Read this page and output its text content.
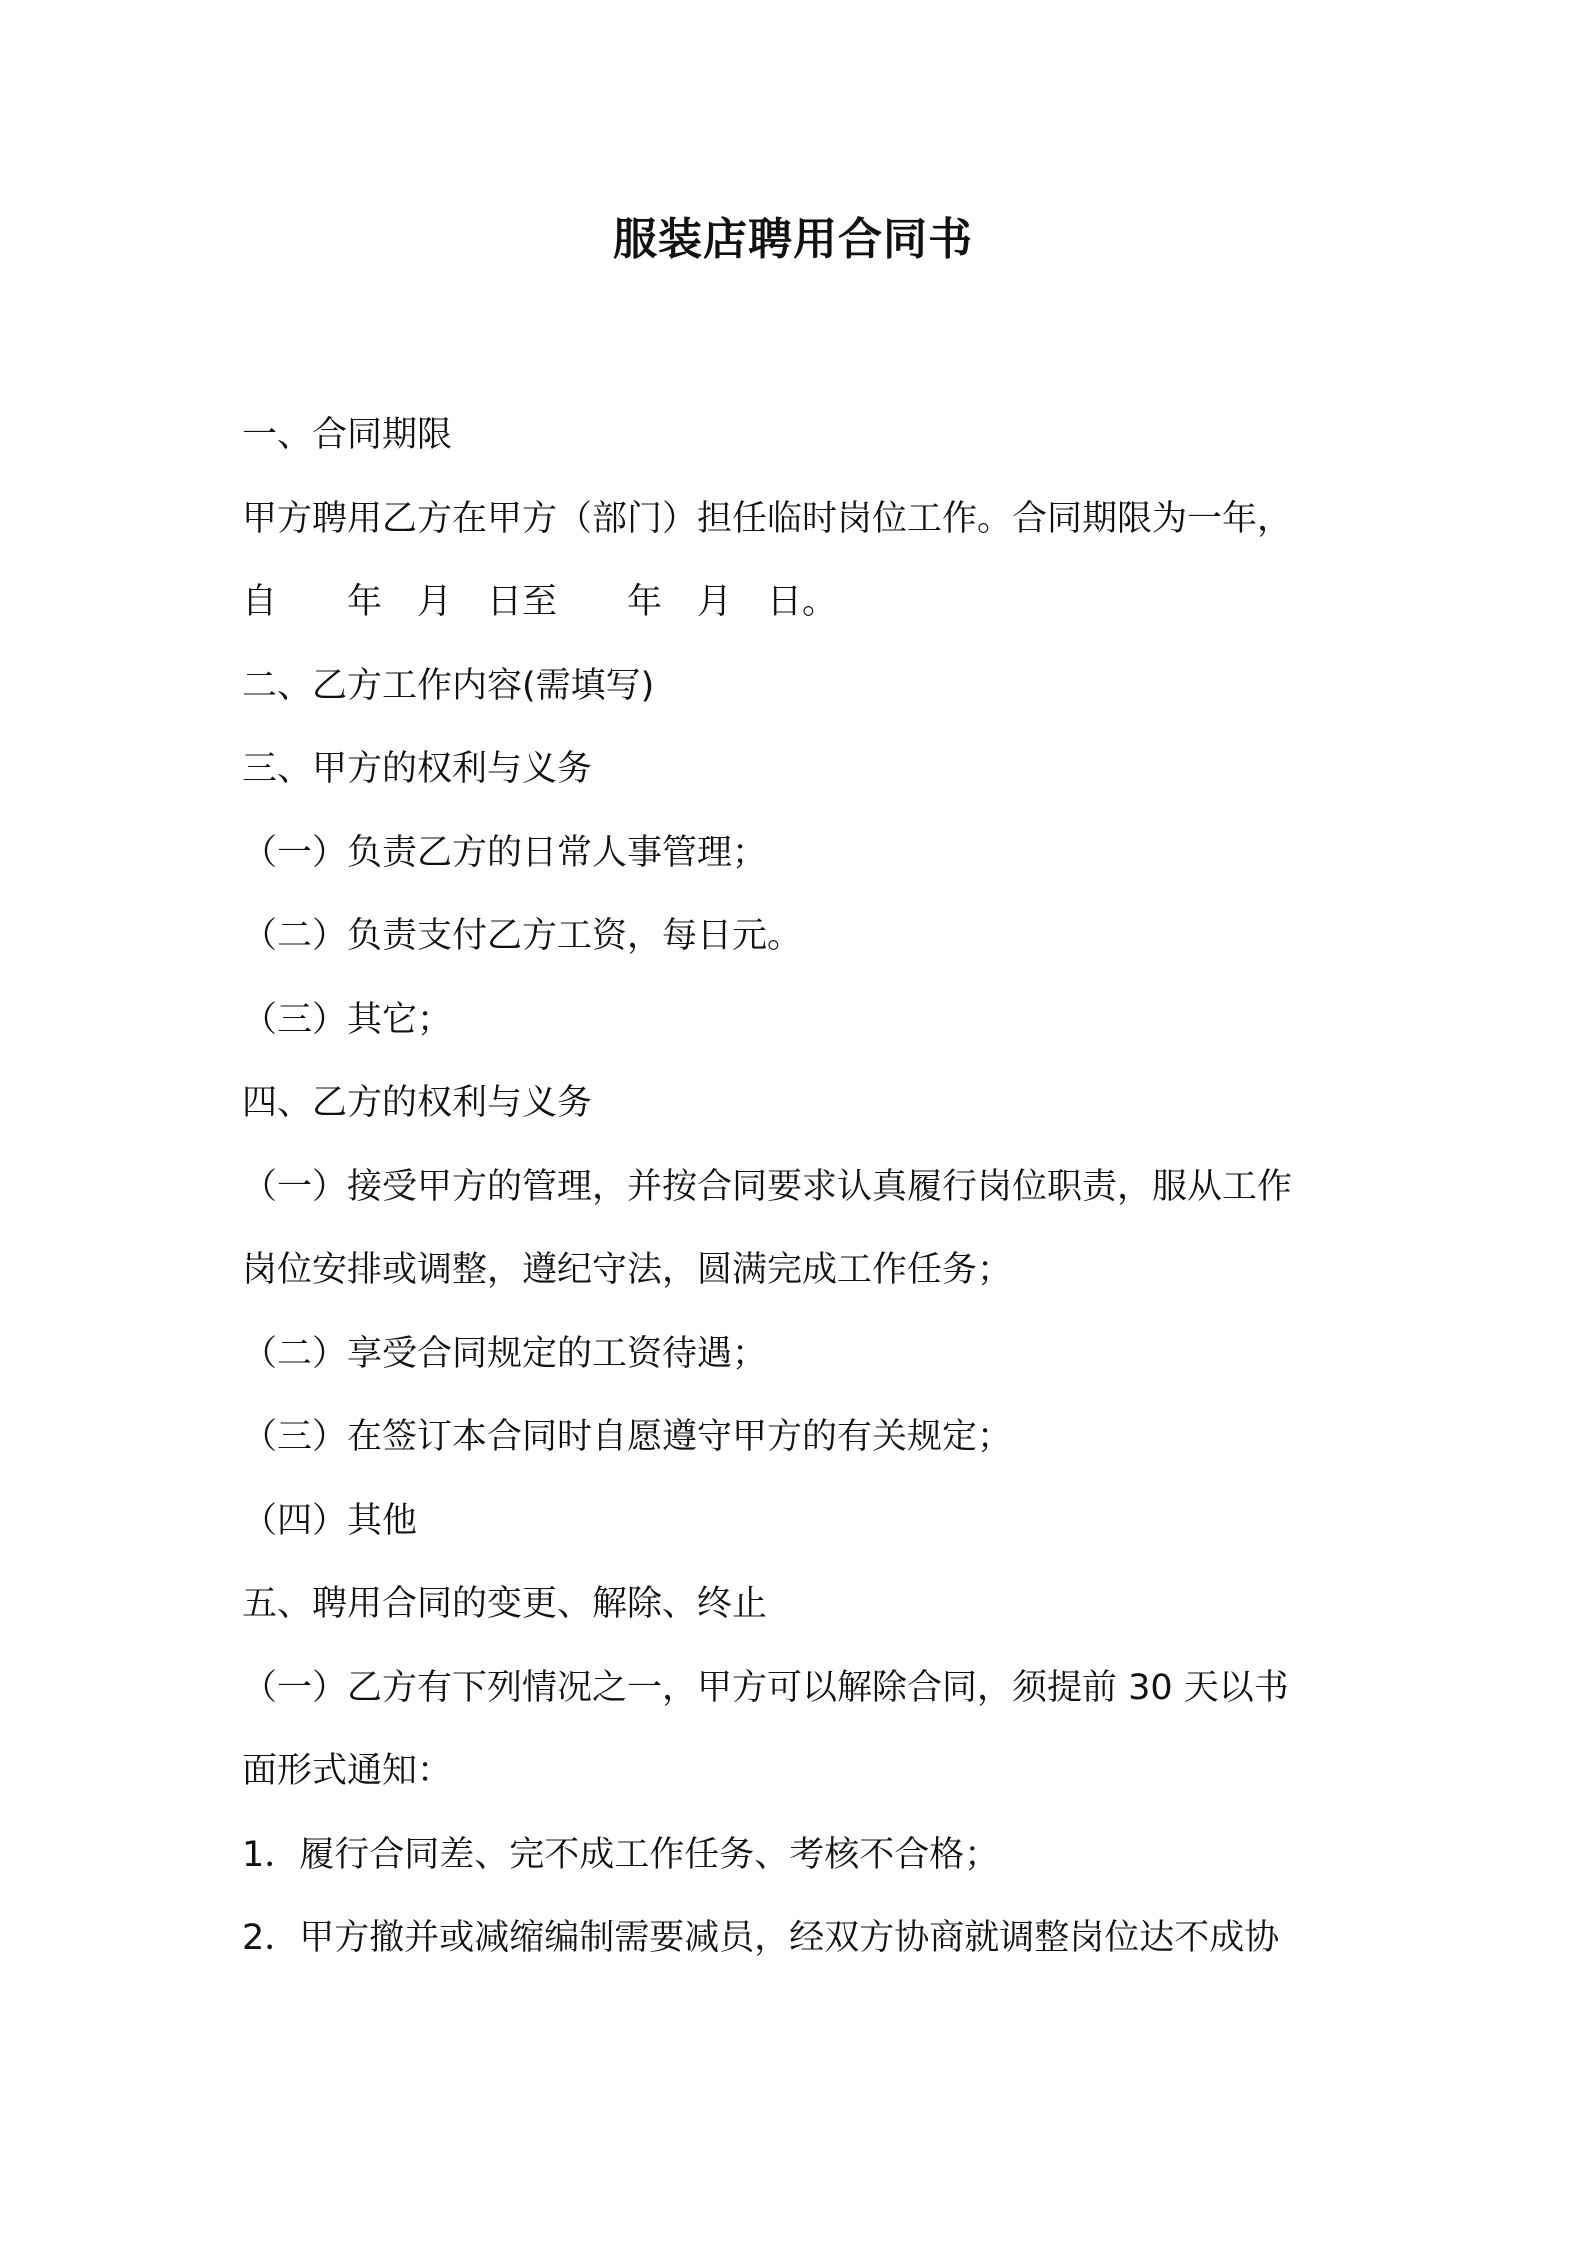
服装店聘用合同书
一、合同期限
甲方聘用乙方在甲方（部门）担任临时岗位工作。合同期限为一年，
自　　年　月　日至　　年　月　日。
二、乙方工作内容(需填写)
三、甲方的权利与义务
（一）负责乙方的日常人事管理；
（二）负责支付乙方工资，每日元。
（三）其它；
四、乙方的权利与义务
（一）接受甲方的管理，并按合同要求认真履行岗位职责，服从工作
岗位安排或调整，遵纪守法，圆满完成工作任务；
（二）享受合同规定的工资待遇；
（三）在签订本合同时自愿遵守甲方的有关规定；
（四）其他
五、聘用合同的变更、解除、终止
（一）乙方有下列情况之一，甲方可以解除合同，须提前 30 天以书
面形式通知：
1．履行合同差、完不成工作任务、考核不合格；
2．甲方撤并或减缩编制需要减员，经双方协商就调整岗位达不成协
